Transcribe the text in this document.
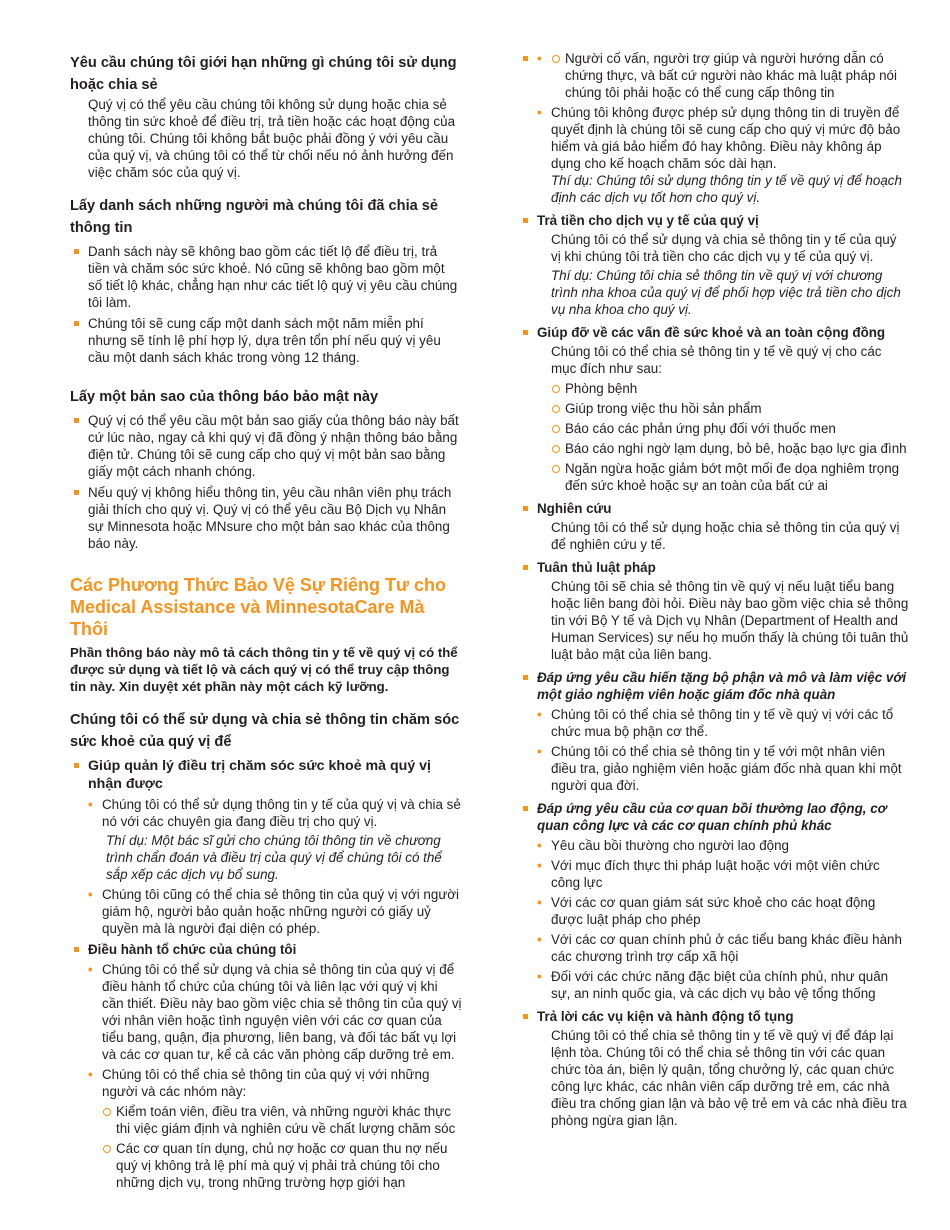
Yêu cầu chúng tôi giới hạn những gì chúng tôi sử dụng hoặc chia sẻ

Quý vị có thể yêu cầu chúng tôi không sử dụng hoặc chia sẻ thông tin sức khoẻ để điều trị, trả tiền hoặc các hoạt động của chúng tôi. Chúng tôi không bắt buộc phải đồng ý với yêu cầu của quý vị, và chúng tôi có thể từ chối nếu nó ảnh hưởng đến việc chăm sóc của quý vị.

Lấy danh sách những người mà chúng tôi đã chia sẻ thông tin
Danh sách này sẽ không bao gồm các tiết lộ để điều trị, trả tiền và chăm sóc sức khoẻ. Nó cũng sẽ không bao gồm một số tiết lộ khác, chẳng hạn như các tiết lộ quý vị yêu cầu chúng tôi làm.
Chúng tôi sẽ cung cấp một danh sách một năm miễn phí nhưng sẽ tính lệ phí hợp lý, dựa trên tổn phí nếu quý vị yêu cầu một danh sách khác trong vòng 12 tháng.
Lấy một bản sao của thông báo bảo mật này
Quý vị có thể yêu cầu một bản sao giấy của thông báo này bất cứ lúc nào, ngay cả khi quý vị đã đồng ý nhận thông báo bằng điện tử. Chúng tôi sẽ cung cấp cho quý vị một bản sao bằng giấy một cách nhanh chóng.
Nếu quý vị không hiểu thông tin, yêu cầu nhân viên phụ trách giải thích cho quý vị. Quý vị có thể yêu cầu Bộ Dịch vụ Nhân sự Minnesota hoặc MNsure cho một bản sao khác của thông báo này.
Các Phương Thức Bảo Vệ Sự Riêng Tư cho Medical Assistance và MinnesotaCare Mà Thôi

Phần thông báo này mô tả cách thông tin y tế về quý vị có thể được sử dụng và tiết lộ và cách quý vị có thể truy cập thông tin này. Xin duyệt xét phần này một cách kỹ lưỡng.

Chúng tôi có thể sử dụng và chia sẻ thông tin chăm sóc sức khoẻ của quý vị để
Giúp quản lý điều trị chăm sóc sức khoẻ mà quý vị nhận được
• Chúng tôi có thể sử dụng thông tin y tế của quý vị và chia sẻ nó với các chuyên gia đang điều trị cho quý vị.
Thí dụ: Một bác sĩ gửi cho chúng tôi thông tin về chương trình chẩn đoán và điều trị của quý vị để chúng tôi có thể sắp xếp các dịch vụ bổ sung.
• Chúng tôi cũng có thể chia sẻ thông tin của quý vị với người giám hộ, người bảo quản hoặc những người có giấy uỷ quyền mà là người đại diện có phép.
Điều hành tổ chức của chúng tôi
• Chúng tôi có thể sử dụng và chia sẻ thông tin của quý vị để điều hành tổ chức của chúng tôi và liên lạc với quý vị khi cần thiết. Điều này bao gồm việc chia sẻ thông tin của quý vị với nhân viên hoặc tình nguyện viên với các cơ quan của tiểu bang, quận, địa phương, liên bang, và đối tác bất vụ lợi và các cơ quan tư, kể cả các văn phòng cấp dưỡng trẻ em.
• Chúng tôi có thể chia sẻ thông tin của quý vị với những người và các nhóm này:
Kiểm toán viên, điều tra viên, và những người khác thực thi việc giám định và nghiên cứu về chất lượng chăm sóc
Các cơ quan tín dụng, chủ nợ hoặc cơ quan thu nợ nếu quý vị không trả lệ phí mà quý vị phải trả chúng tôi cho những dịch vụ, trong những trường hợp giới hạn
• Người cố vấn, người trợ giúp và người hướng dẫn có chứng thực, và bất cứ người nào khác mà luật pháp nói chúng tôi phải hoặc có thể cung cấp thông tin
• Chúng tôi không được phép sử dụng thông tin di truyền để quyết định là chúng tôi sẽ cung cấp cho quý vị mức độ bảo hiểm và giá bảo hiểm đó hay không. Điều này không áp dụng cho kế hoạch chăm sóc dài hạn.
Thí dụ: Chúng tôi sử dụng thông tin y tế về quý vị để hoạch định các dịch vụ tốt hơn cho quý vị.
Trả tiền cho dịch vụ y tế của quý vị
Chúng tôi có thể sử dụng và chia sẻ thông tin y tế của quý vị khi chúng tôi trả tiền cho các dịch vụ y tế của quý vị.
Thí dụ: Chúng tôi chia sẻ thông tin về quý vị với chương trình nha khoa của quý vị để phối hợp việc trả tiền cho dịch vụ nha khoa cho quý vị.
Giúp đỡ về các vấn đề sức khoẻ và an toàn cộng đồng
Chúng tôi có thể chia sẻ thông tin y tế về quý vị cho các mục đích như sau:
Phòng bệnh
Giúp trong việc thu hồi sản phẩm
Báo cáo các phản ứng phụ đối với thuốc men
Báo cáo nghi ngờ lạm dụng, bỏ bê, hoặc bạo lực gia đình
Ngăn ngừa hoặc giảm bớt một mối đe dọa nghiêm trọng đến sức khoẻ hoặc sự an toàn của bất cứ ai
Nghiên cứu
Chúng tôi có thể sử dụng hoặc chia sẻ thông tin của quý vị để nghiên cứu y tế.
Tuân thủ luật pháp
Chúng tôi sẽ chia sẻ thông tin về quý vị nếu luật tiểu bang hoặc liên bang đòi hỏi. Điều này bao gồm việc chia sẻ thông tin với Bộ Y tế và Dịch vụ Nhân (Department of Health and Human Services) sự nếu họ muốn thấy là chúng tôi tuân thủ luật bảo mật của liên bang.
Đáp ứng yêu cầu hiến tặng bộ phận và mô và làm việc với một giảo nghiệm viên hoặc giám đốc nhà quàn
• Chúng tôi có thể chia sẻ thông tin y tế về quý vị với các tổ chức mua bộ phận cơ thể.
• Chúng tôi có thể chia sẻ thông tin y tế với một nhân viên điều tra, giảo nghiệm viên hoặc giám đốc nhà quan khi một người qua đời.
Đáp ứng yêu cầu của cơ quan bồi thường lao động, cơ quan công lực và các cơ quan chính phủ khác
• Yêu cầu bồi thường cho người lao động
• Với mục đích thực thi pháp luật hoặc với một viên chức công lực
• Với các cơ quan giám sát sức khoẻ cho các hoạt động được luật pháp cho phép
• Với các cơ quan chính phủ ở các tiểu bang khác điều hành các chương trình trợ cấp xã hội
• Đối với các chức năng đặc biệt của chính phủ, như quân sự, an ninh quốc gia, và các dịch vụ bảo vệ tổng thống
Trả lời các vụ kiện và hành động tố tụng
Chúng tôi có thể chia sẻ thông tin y tế về quý vị để đáp lại lệnh tòa. Chúng tôi có thể chia sẻ thông tin với các quan chức tòa án, biện lý quận, tổng chưởng lý, các quan chức công lực khác, các nhân viên cấp dưỡng trẻ em, các nhà điều tra chống gian lận và bảo vệ trẻ em và các nhà điều tra phòng ngừa gian lận.
